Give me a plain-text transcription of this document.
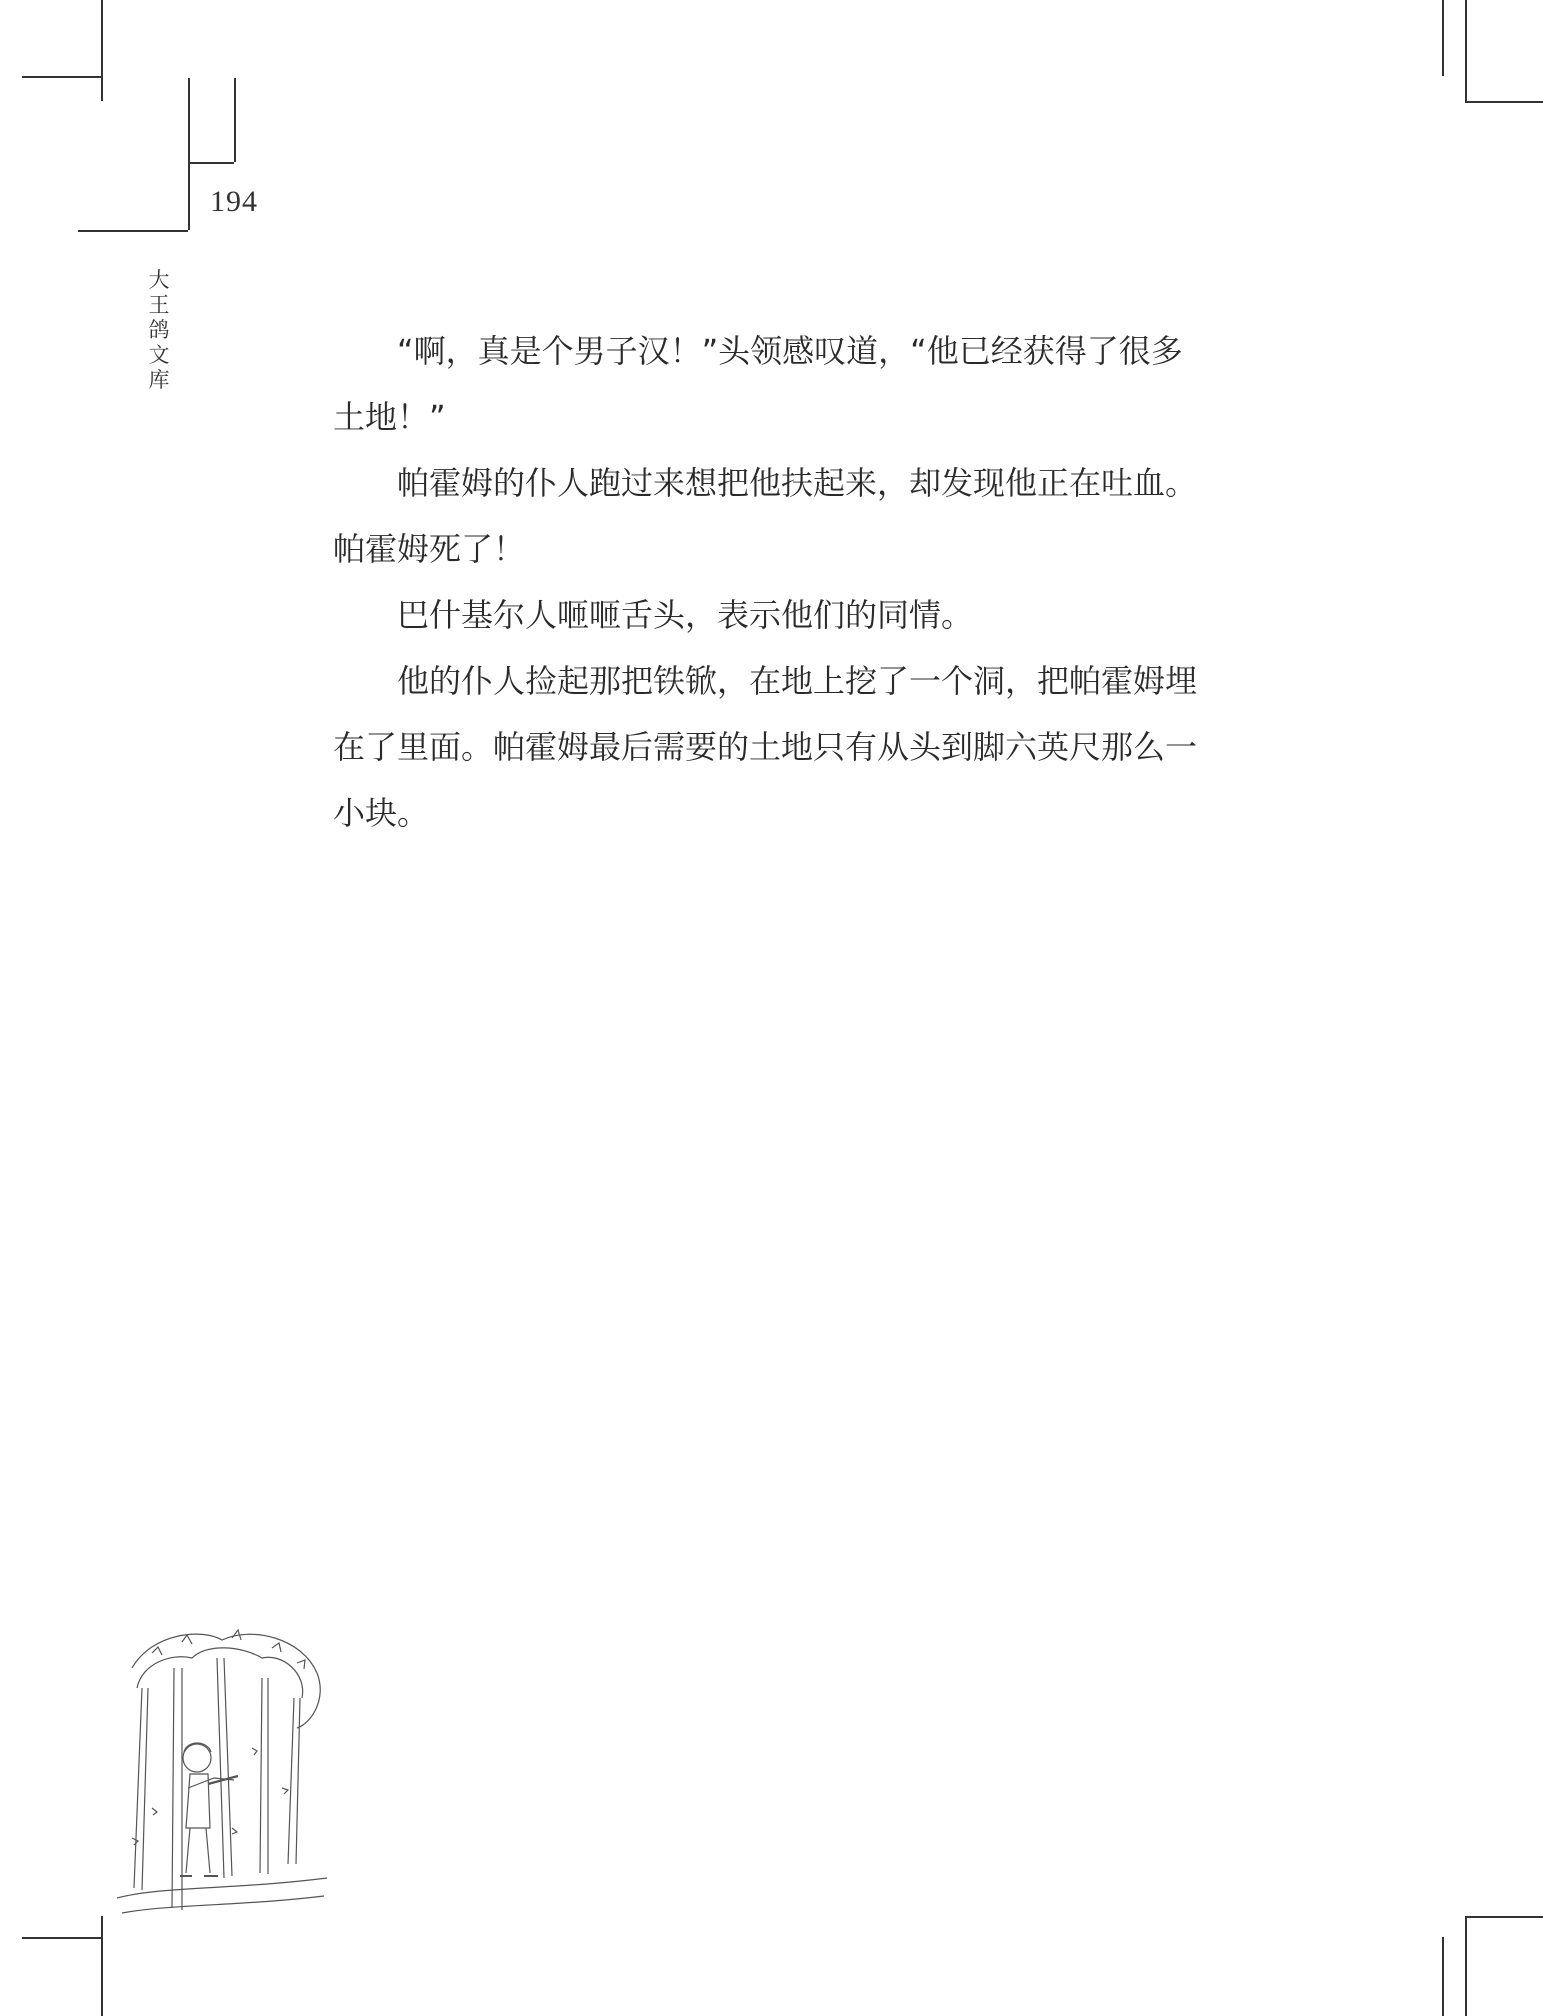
194
大王鸽文库

“啊，真是个男子汉！”头领感叹道，“他已经获得了很多土地！”

帕霍姆的仆人跑过来想把他扶起来，却发现他正在吐血。帕霍姆死了！

巴什基尔人咂咂舌头，表示他们的同情。

他的仆人捡起那把铁锨，在地上挖了一个洞，把帕霍姆埋在了里面。帕霍姆最后需要的土地只有从头到脚六英尺那么一小块。
